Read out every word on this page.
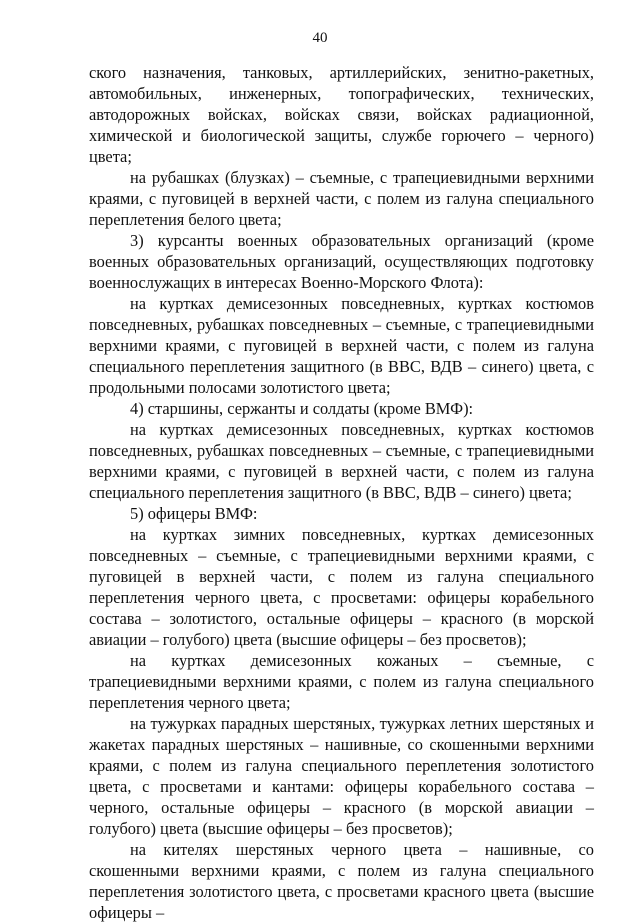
40

ского назначения, танковых, артиллерийских, зенитно-ракетных, автомобильных, инженерных, топографических, технических, автодорожных войсках, войсках связи, войсках радиационной, химической и биологической защиты, службе горючего – черного) цвета;

на рубашках (блузках) – съемные, с трапециевидными верхними краями, с пуговицей в верхней части, с полем из галуна специального переплетения белого цвета;

3) курсанты военных образовательных организаций (кроме военных образовательных организаций, осуществляющих подготовку военнослужащих в интересах Военно-Морского Флота):

на куртках демисезонных повседневных, куртках костюмов повседневных, рубашках повседневных – съемные, с трапециевидными верхними краями, с пуговицей в верхней части, с полем из галуна специального переплетения защитного (в ВВС, ВДВ – синего) цвета, с продольными полосами золотистого цвета;

4) старшины, сержанты и солдаты (кроме ВМФ):

на куртках демисезонных повседневных, куртках костюмов повседневных, рубашках повседневных – съемные, с трапециевидными верхними краями, с пуговицей в верхней части, с полем из галуна специального переплетения защитного (в ВВС, ВДВ – синего) цвета;

5) офицеры ВМФ:

на куртках зимних повседневных, куртках демисезонных повседневных – съемные, с трапециевидными верхними краями, с пуговицей в верхней части, с полем из галуна специального переплетения черного цвета, с просветами: офицеры корабельного состава – золотистого, остальные офицеры – красного (в морской авиации – голубого) цвета (высшие офицеры – без просветов);

на куртках демисезонных кожаных – съемные, с трапециевидными верхними краями, с полем из галуна специального переплетения черного цвета;

на тужурках парадных шерстяных, тужурках летних шерстяных и жакетах парадных шерстяных – нашивные, со скошенными верхними краями, с полем из галуна специального переплетения золотистого цвета, с просветами и кантами: офицеры корабельного состава – черного, остальные офицеры – красного (в морской авиации – голубого) цвета (высшие офицеры – без просветов);

на кителях шерстяных черного цвета – нашивные, со скошенными верхними краями, с полем из галуна специального переплетения золотистого цвета, с просветами красного цвета (высшие офицеры –
